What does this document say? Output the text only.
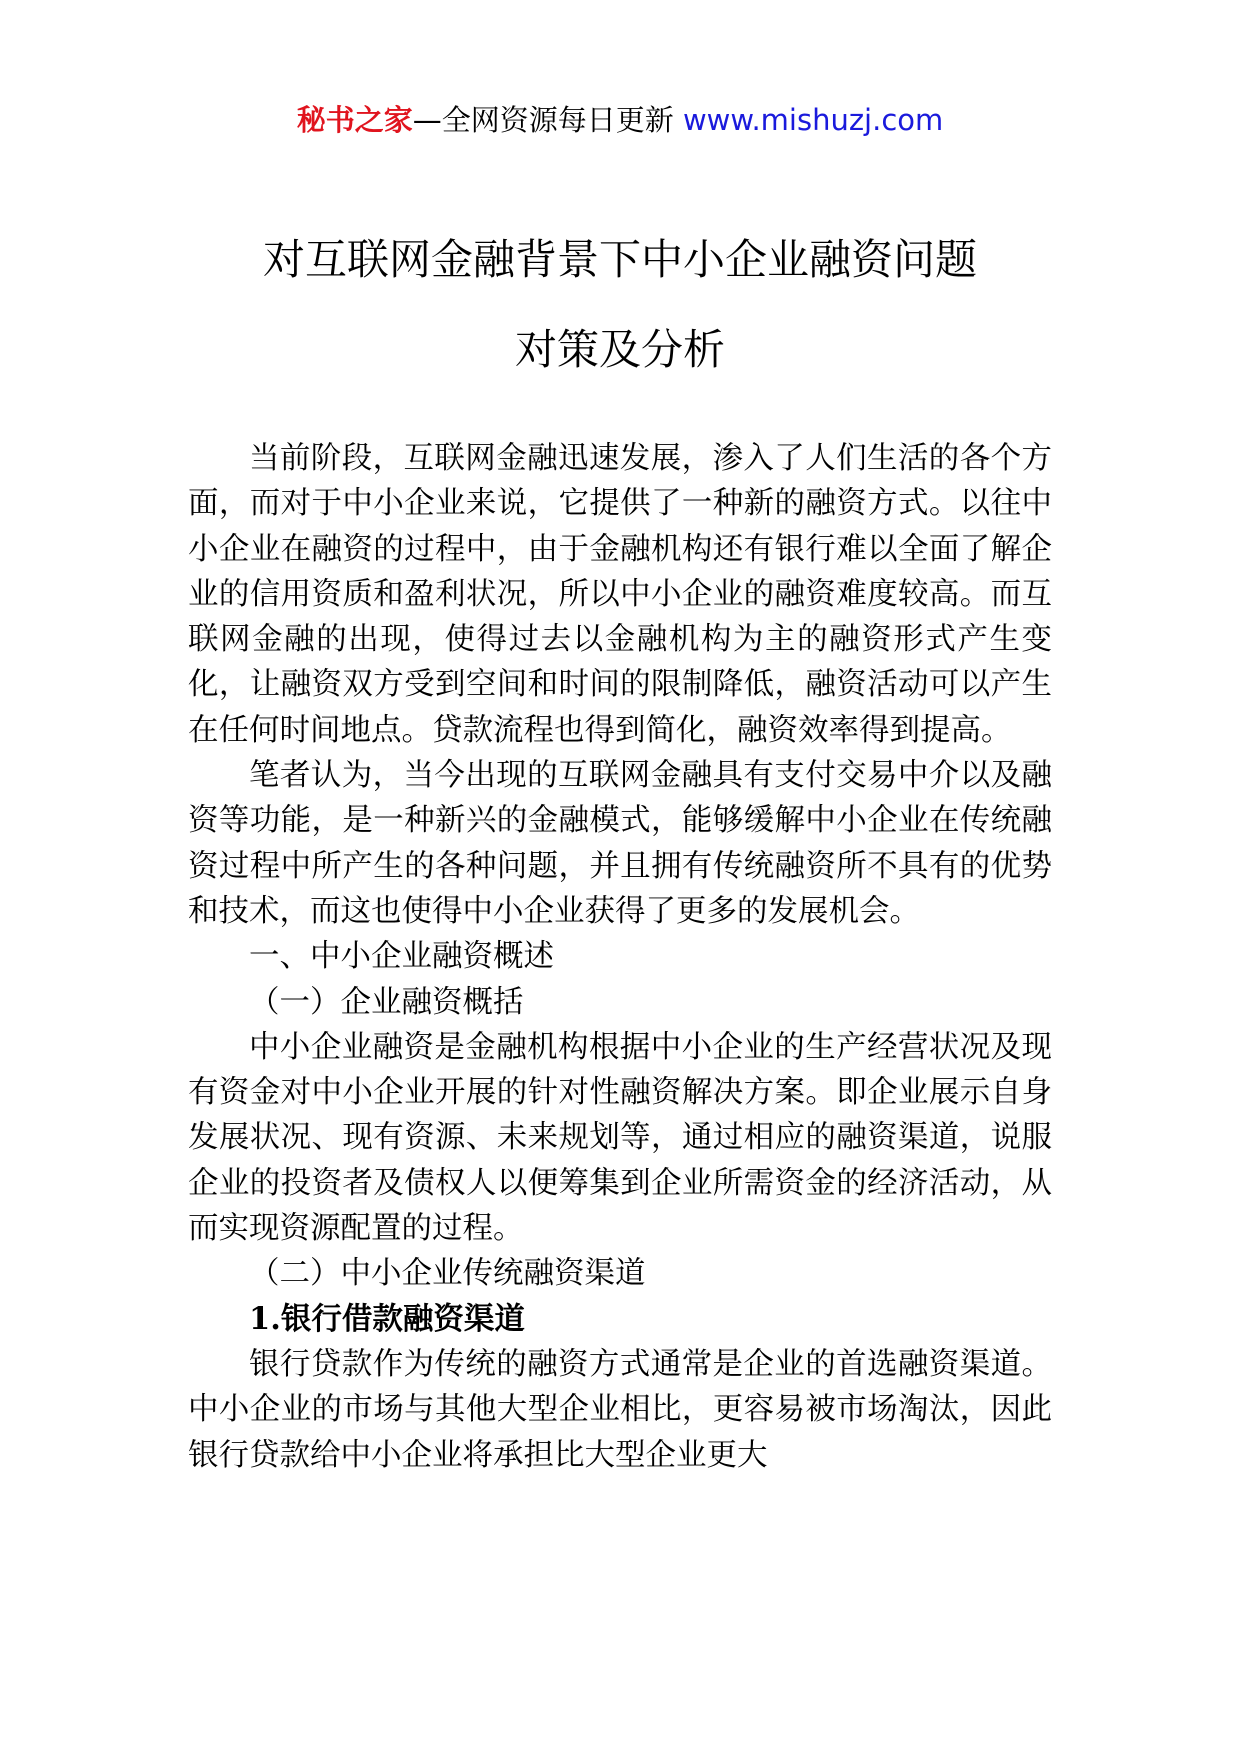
秘书之家—全网资源每日更新 www.mishuzj.com
对互联网金融背景下中小企业融资问题
对策及分析

当前阶段，互联网金融迅速发展，渗入了人们生活的各个方面，而对于中小企业来说，它提供了一种新的融资方式。以往中小企业在融资的过程中，由于金融机构还有银行难以全面了解企业的信用资质和盈利状况，所以中小企业的融资难度较高。而互联网金融的出现，使得过去以金融机构为主的融资形式产生变化，让融资双方受到空间和时间的限制降低，融资活动可以产生在任何时间地点。贷款流程也得到简化，融资效率得到提高。

笔者认为，当今出现的互联网金融具有支付交易中介以及融资等功能，是一种新兴的金融模式，能够缓解中小企业在传统融资过程中所产生的各种问题，并且拥有传统融资所不具有的优势和技术，而这也使得中小企业获得了更多的发展机会。

一、中小企业融资概述

（一）企业融资概括

中小企业融资是金融机构根据中小企业的生产经营状况及现有资金对中小企业开展的针对性融资解决方案。即企业展示自身发展状况、现有资源、未来规划等，通过相应的融资渠道，说服企业的投资者及债权人以便筹集到企业所需资金的经济活动，从而实现资源配置的过程。

（二）中小企业传统融资渠道

1.银行借款融资渠道

银行贷款作为传统的融资方式通常是企业的首选融资渠道。中小企业的市场与其他大型企业相比，更容易被市场淘汰，因此银行贷款给中小企业将承担比大型企业更大
